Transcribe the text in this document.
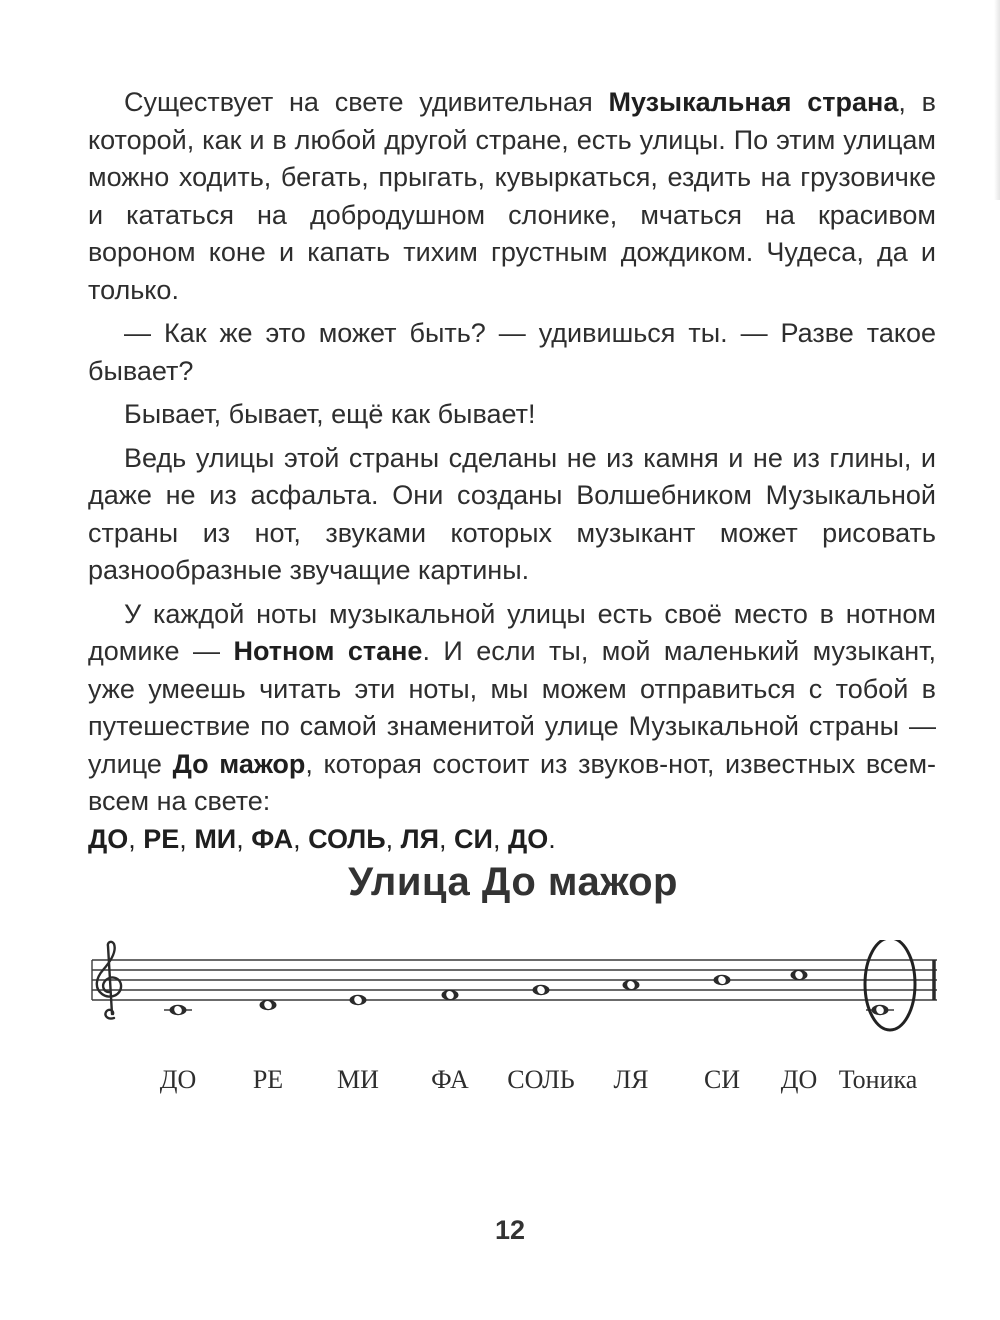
Существует на свете удивительная Музыкальная страна, в которой, как и в любой другой стране, есть улицы. По этим улицам можно ходить, бегать, прыгать, кувыркаться, ездить на грузовичке и кататься на добродушном слонике, мчаться на красивом вороном коне и капать тихим грустным дождиком. Чудеса, да и только.

— Как же это может быть? — удивишься ты. — Разве такое бывает?

Бывает, бывает, ещё как бывает!

Ведь улицы этой страны сделаны не из камня и не из глины, и даже не из асфальта. Они созданы Волшебником Музыкальной страны из нот, звуками которых музыкант может рисовать разнообразные звучащие картины.

У каждой ноты музыкальной улицы есть своё место в нотном домике — Нотном стане. И если ты, мой маленький музыкант, уже умеешь читать эти ноты, мы можем отправиться с тобой в путешествие по самой знаменитой улице Музыкальной страны — улице До мажор, которая состоит из звуков-нот, известных всем-всем на свете:

ДО, РЕ, МИ, ФА, СОЛЬ, ЛЯ, СИ, ДО.

Улица До мажор
ДО РЕ МИ ФА СОЛЬ ЛЯ СИ ДО Тоника
12
